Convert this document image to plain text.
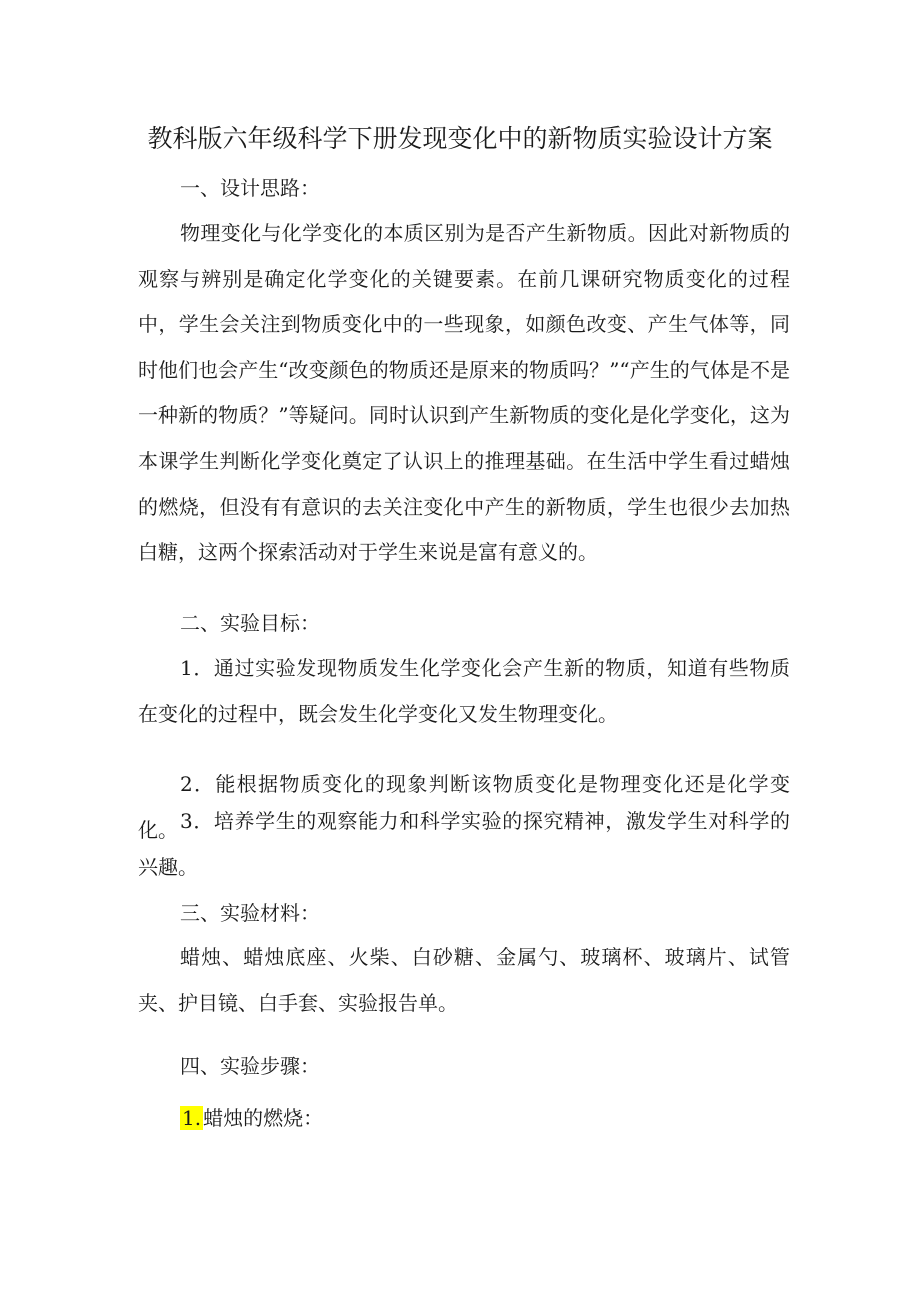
教科版六年级科学下册发现变化中的新物质实验设计方案
一、设计思路：

物理变化与化学变化的本质区别为是否产生新物质。因此对新物质的观察与辨别是确定化学变化的关键要素。在前几课研究物质变化的过程中，学生会关注到物质变化中的一些现象，如颜色改变、产生气体等，同时他们也会产生“改变颜色的物质还是原来的物质吗？”“产生的气体是不是一种新的物质？”等疑问。同时认识到产生新物质的变化是化学变化，这为本课学生判断化学变化奠定了认识上的推理基础。在生活中学生看过蜡烛的燃烧，但没有有意识的去关注变化中产生的新物质，学生也很少去加热白糖，这两个探索活动对于学生来说是富有意义的。

二、实验目标：

1．通过实验发现物质发生化学变化会产生新的物质，知道有些物质在变化的过程中，既会发生化学变化又发生物理变化。

2．能根据物质变化的现象判断该物质变化是物理变化还是化学变化。 3．培养学生的观察能力和科学实验的探究精神，激发学生对科学的兴趣。

三、实验材料：

蜡烛、蜡烛底座、火柴、白砂糖、金属勺、玻璃杯、玻璃片、试管夹、护目镜、白手套、实验报告单。

四、实验步骤：
1. 蜡烛的燃烧：
